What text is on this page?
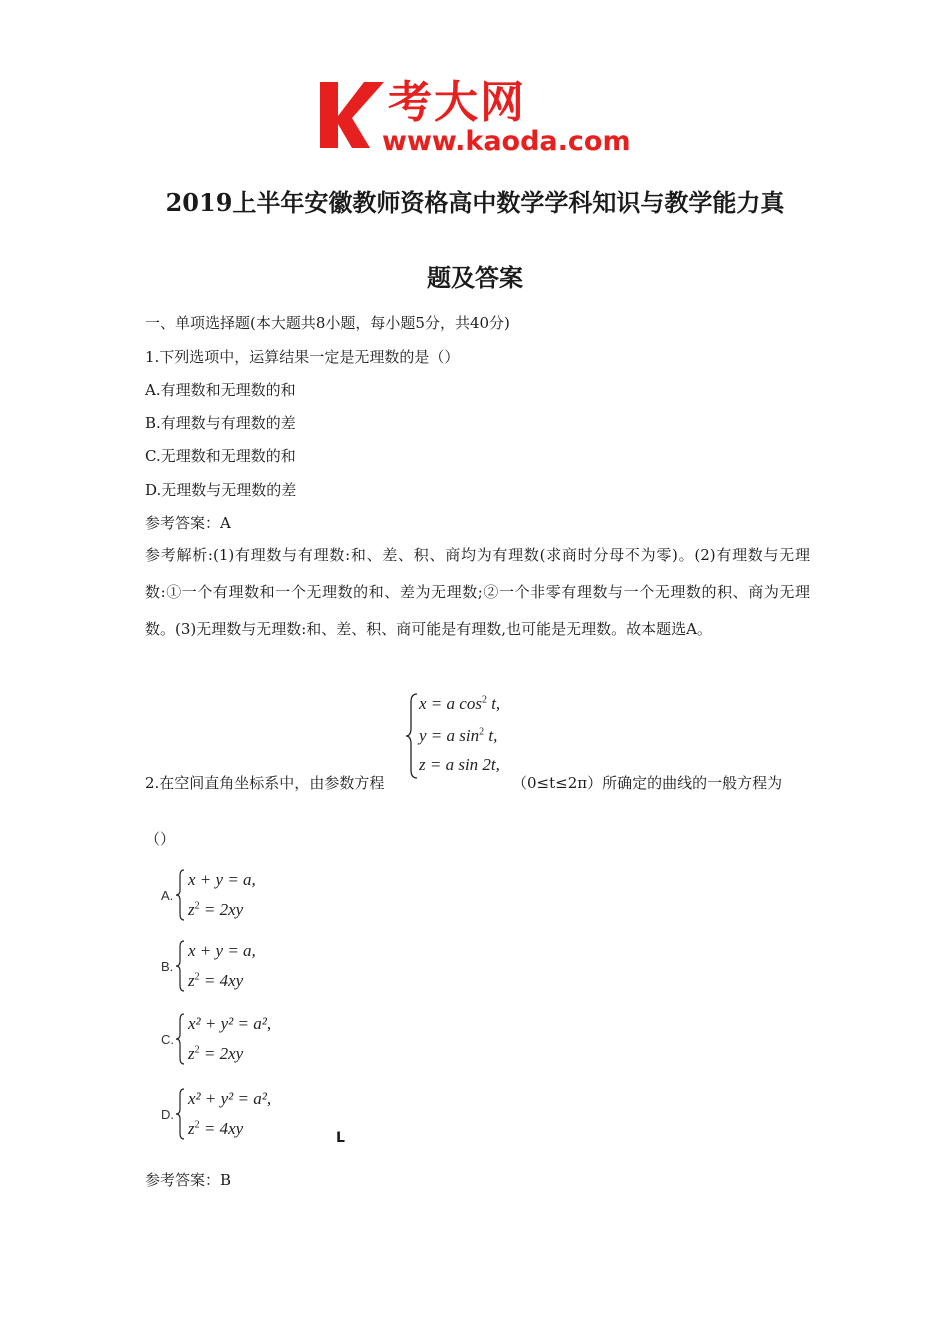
考大网
www.kaoda.com
2019上半年安徽教师资格高中数学学科知识与教学能力真
题及答案
一、单项选择题(本大题共8小题，每小题5分，共40分)
1.下列选项中，运算结果一定是无理数的是（）
A.有理数和无理数的和
B.有理数与有理数的差
C.无理数和无理数的和
D.无理数与无理数的差
参考答案：A
参考解析:(1)有理数与有理数:和、差、积、商均为有理数(求商时分母不为零)。(2)有理数与无理数:①一个有理数和一个无理数的和、差为无理数;②一个非零有理数与一个无理数的积、商为无理数。(3)无理数与无理数:和、差、积、商可能是有理数,也可能是无理数。故本题选A。
x = a $\cos^2 t$,
y = a $\sin^2 t$,
z = a sin 2t,
2.在空间直角坐标系中，由参数方程	（0≤t≤2π）所确定的曲线的一般方程为
（）
A.
x + y = a,
$z^2 = 2xy$
B.
x + y = a,
$z^2 = 4xy$
C.
x² + y² = a²,
$z^2 = 2xy$
D.
x² + y² = a²,
$z^2 = 4xy$	L
参考答案：B
